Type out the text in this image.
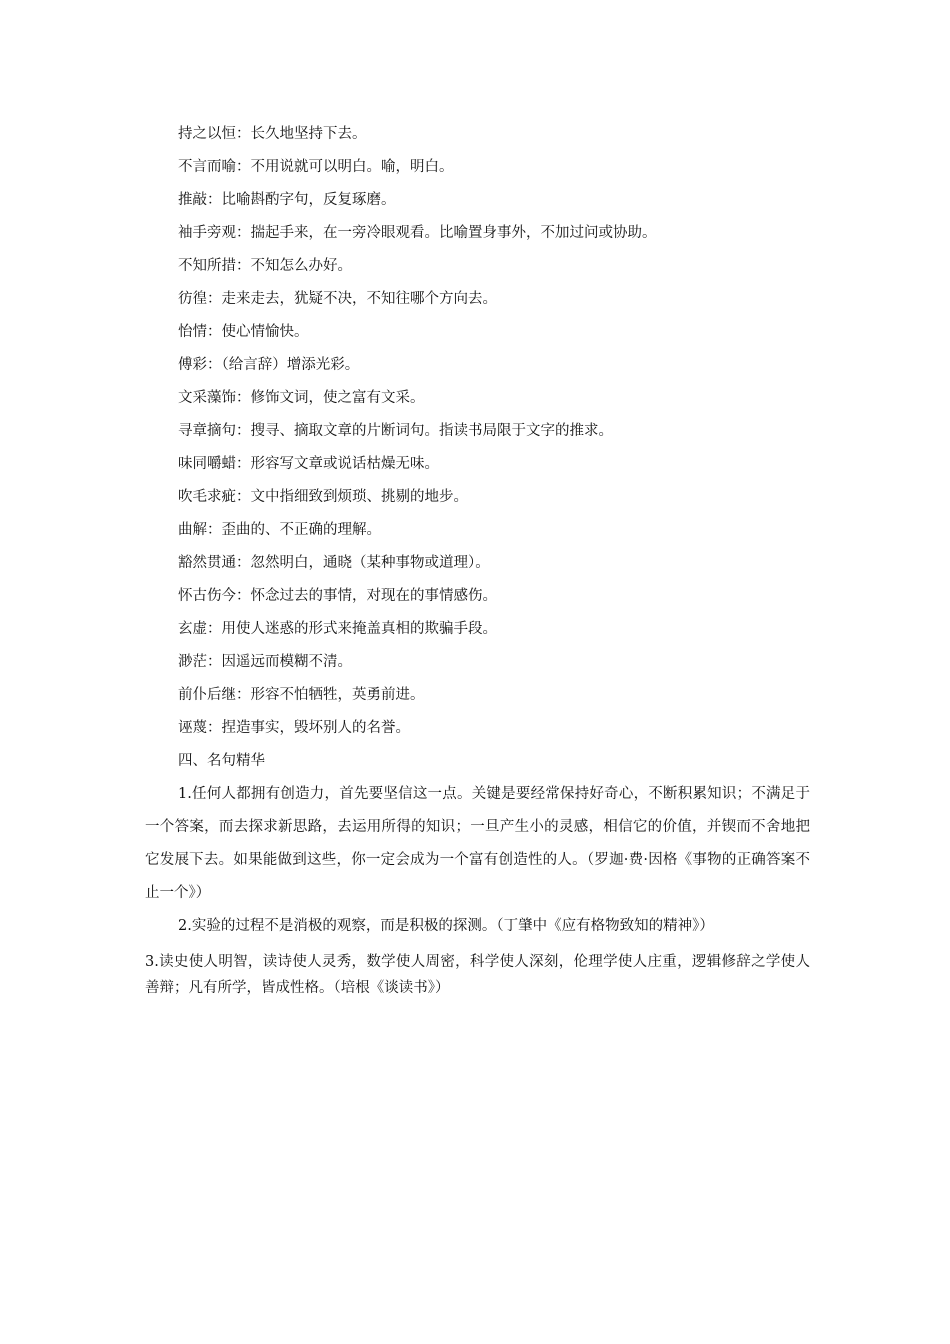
持之以恒：长久地坚持下去。
不言而喻：不用说就可以明白。喻，明白。
推敲：比喻斟酌字句，反复琢磨。
袖手旁观：揣起手来，在一旁冷眼观看。比喻置身事外，不加过问或协助。
不知所措：不知怎么办好。
彷徨：走来走去，犹疑不决，不知往哪个方向去。
怡情：使心情愉快。
傅彩：（给言辞）增添光彩。
文采藻饰：修饰文词，使之富有文采。
寻章摘句：搜寻、摘取文章的片断词句。指读书局限于文字的推求。
味同嚼蜡：形容写文章或说话枯燥无味。
吹毛求疵：文中指细致到烦琐、挑剔的地步。
曲解：歪曲的、不正确的理解。
豁然贯通：忽然明白，通晓（某种事物或道理）。
怀古伤今：怀念过去的事情，对现在的事情感伤。
玄虚：用使人迷惑的形式来掩盖真相的欺骗手段。
渺茫：因遥远而模糊不清。
前仆后继：形容不怕牺牲，英勇前进。
诬蔑：捏造事实，毁坏别人的名誉。
四、名句精华

1.任何人都拥有创造力，首先要坚信这一点。关键是要经常保持好奇心，不断积累知识；不满足于一个答案，而去探求新思路，去运用所得的知识；一旦产生小的灵感，相信它的价值，并锲而不舍地把它发展下去。如果能做到这些，你一定会成为一个富有创造性的人。（罗迦·费·因格《事物的正确答案不止一个》）

2.实验的过程不是消极的观察，而是积极的探测。（丁肇中《应有格物致知的精神》）

3.读史使人明智，读诗使人灵秀，数学使人周密，科学使人深刻，伦理学使人庄重，逻辑修辞之学使人善辩；凡有所学，皆成性格。（培根《谈读书》）
